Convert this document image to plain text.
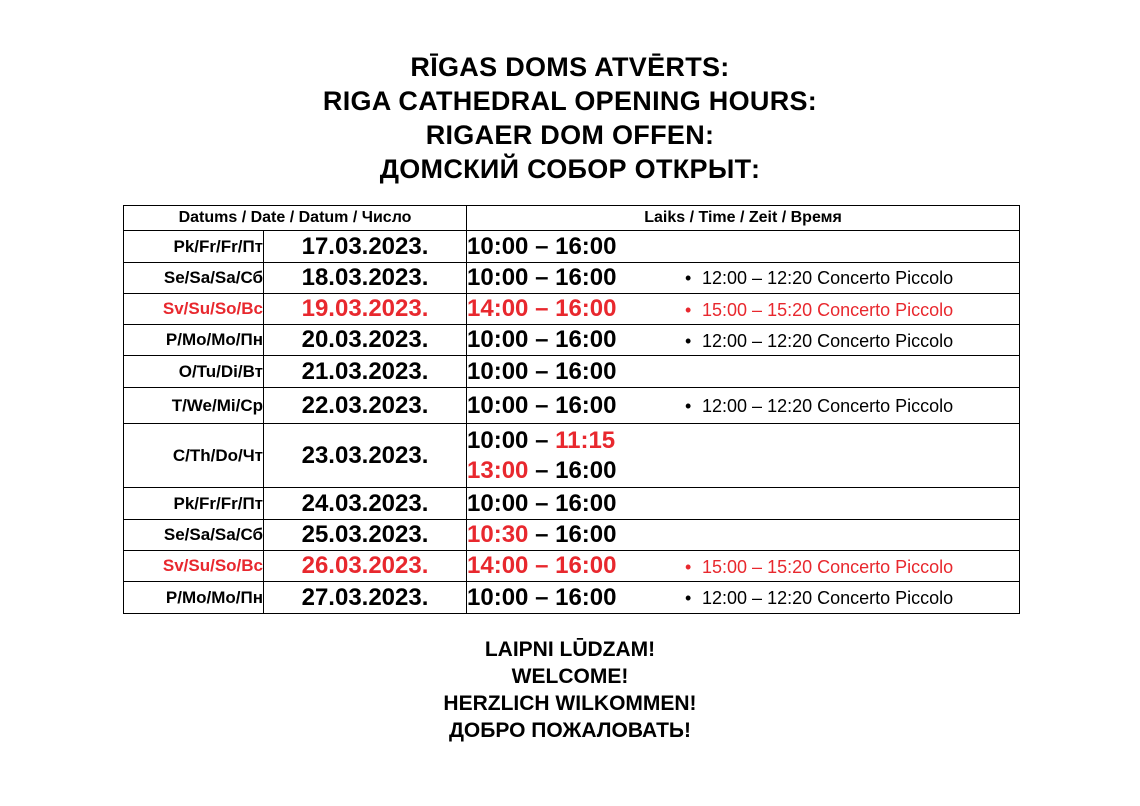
RĪGAS DOMS ATVĒRTS:
RIGA CATHEDRAL OPENING HOURS:
RIGAER DOM OFFEN:
ДОМСКИЙ СОБОР ОТКРЫТ:
Datums / Date / Datum / Число		Laiks / Time / Zeit / Время
Pk/Fr/Fr/Пт	17.03.2023.	10:00 – 16:00

Se/Sa/Sa/Сб	18.03.2023.	10:00 – 16:00 • 12:00 – 12:20 Concerto Piccolo

Sv/Su/So/Вс	19.03.2023.	14:00 – 16:00 • 15:00 – 15:20 Concerto Piccolo

P/Mo/Mo/Пн	20.03.2023.	10:00 – 16:00 • 12:00 – 12:20 Concerto Piccolo

O/Tu/Di/Вт	21.03.2023.	10:00 – 16:00

T/We/Mi/Ср	22.03.2023.	10:00 – 16:00 • 12:00 – 12:20 Concerto Piccolo

C/Th/Do/Чт	23.03.2023.	10:00 – 11:15
13:00 – 16:00

Pk/Fr/Fr/Пт	24.03.2023.	10:00 – 16:00

Se/Sa/Sa/Сб	25.03.2023.	10:30 – 16:00

Sv/Su/So/Вс	26.03.2023.	14:00 – 16:00 • 15:00 – 15:20 Concerto Piccolo

P/Mo/Mo/Пн	27.03.2023.	10:00 – 16:00 • 12:00 – 12:20 Concerto Piccolo
LAIPNI LŪDZAM!
WELCOME!
HERZLICH WILKOMMEN!
ДОБРО ПОЖАЛОВАТЬ!
